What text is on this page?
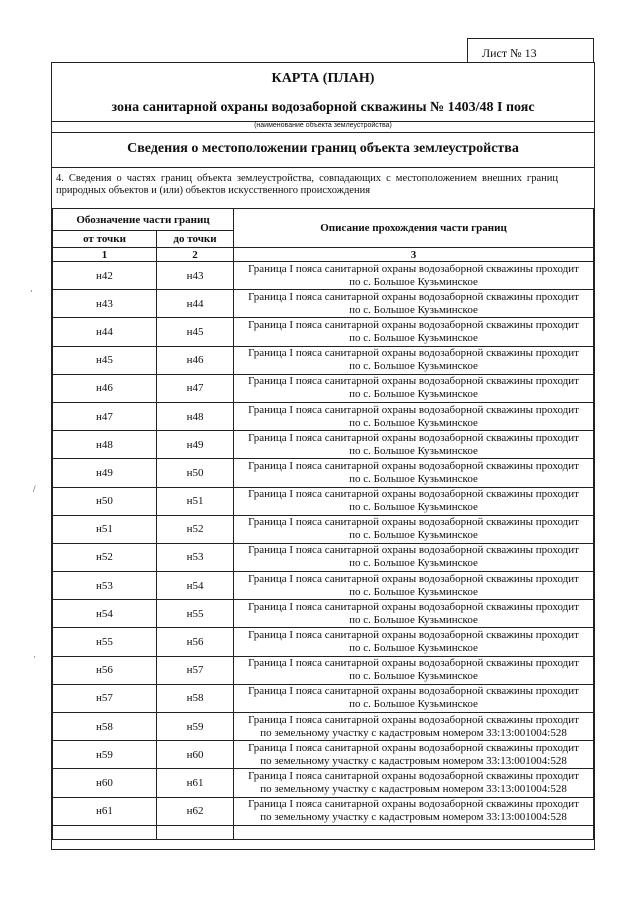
Лист № 13
КАРТА (ПЛАН)
зона санитарной охраны водозаборной скважины № 1403/48 I пояс
(наименование объекта землеустройства)
Сведения о местоположении границ объекта землеустройства
4. Сведения о частях границ объекта землеустройства, совпадающих с местоположением внешних границ природных объектов и (или) объектов искусственного происхождения
Обозначение части границ		Описание прохождения части границ
от точки	до точки	
1	2	3
н42	н43	Граница I пояса санитарной охраны водозаборной скважины проходит
по с. Большое Кузьминское

н43	н44	Граница I пояса санитарной охраны водозаборной скважины проходит
по с. Большое Кузьминское

н44	н45	Граница I пояса санитарной охраны водозаборной скважины проходит
по с. Большое Кузьминское

н45	н46	Граница I пояса санитарной охраны водозаборной скважины проходит
по с. Большое Кузьминское

н46	н47	Граница I пояса санитарной охраны водозаборной скважины проходит
по с. Большое Кузьминское

н47	н48	Граница I пояса санитарной охраны водозаборной скважины проходит
по с. Большое Кузьминское

н48	н49	Граница I пояса санитарной охраны водозаборной скважины проходит
по с. Большое Кузьминское

н49	н50	Граница I пояса санитарной охраны водозаборной скважины проходит
по с. Большое Кузьминское

н50	н51	Граница I пояса санитарной охраны водозаборной скважины проходит
по с. Большое Кузьминское

н51	н52	Граница I пояса санитарной охраны водозаборной скважины проходит
по с. Большое Кузьминское

н52	н53	Граница I пояса санитарной охраны водозаборной скважины проходит
по с. Большое Кузьминское

н53	н54	Граница I пояса санитарной охраны водозаборной скважины проходит
по с. Большое Кузьминское

н54	н55	Граница I пояса санитарной охраны водозаборной скважины проходит
по с. Большое Кузьминское

н55	н56	Граница I пояса санитарной охраны водозаборной скважины проходит
по с. Большое Кузьминское

н56	н57	Граница I пояса санитарной охраны водозаборной скважины проходит
по с. Большое Кузьминское

н57	н58	Граница I пояса санитарной охраны водозаборной скважины проходит
по с. Большое Кузьминское

н58	н59	Граница I пояса санитарной охраны водозаборной скважины проходит
по земельному участку с кадастровым номером 33:13:001004:528

н59	н60	Граница I пояса санитарной охраны водозаборной скважины проходит
по земельному участку с кадастровым номером 33:13:001004:528

н60	н61	Граница I пояса санитарной охраны водозаборной скважины проходит
по земельному участку с кадастровым номером 33:13:001004:528

н61	н62	Граница I пояса санитарной охраны водозаборной скважины проходит
по земельному участку с кадастровым номером 33:13:001004:528

·
/
·
